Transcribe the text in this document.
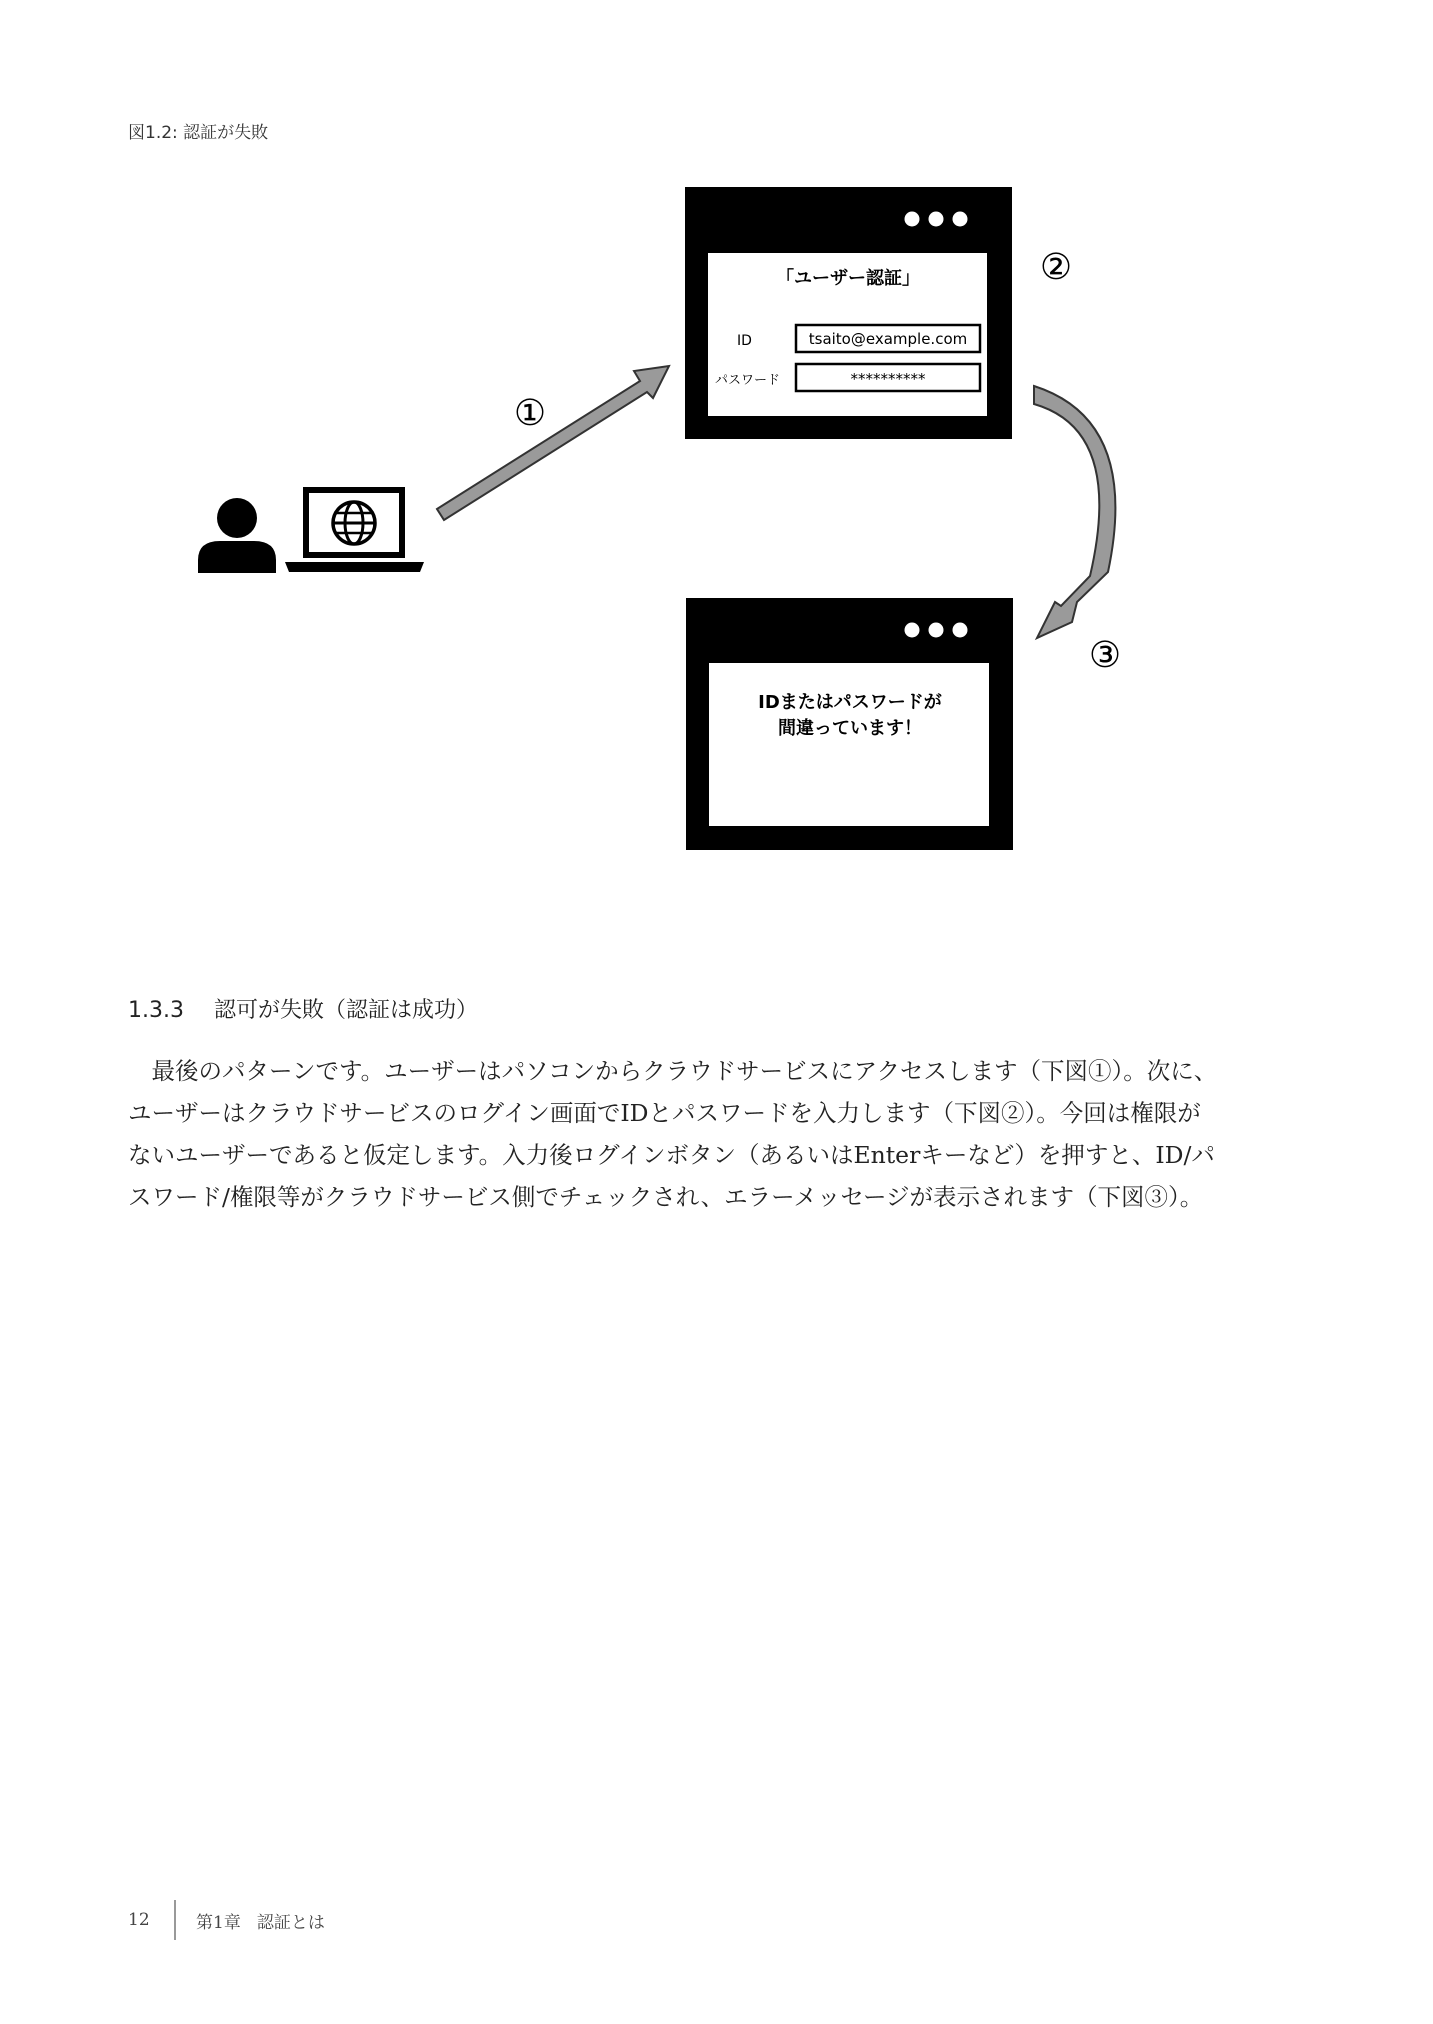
図1.2: 認証が失敗
①
「ユーザー認証」
ID	tsaito@example.com
パスワード	**********
②
③
IDまたはパスワードが
間違っています！
1.3.3 認可が失敗（認証は成功）

最後のパターンです。ユーザーはパソコンからクラウドサービスにアクセスします（下図①）。次に、ユーザーはクラウドサービスのログイン画面でIDとパスワードを入力します（下図②）。今回は権限がないユーザーであると仮定します。入力後ログインボタン（あるいはEnterキーなど）を押すと、ID/パスワード/権限等がクラウドサービス側でチェックされ、エラーメッセージが表示されます（下図③）。

12	第1章 認証とは
